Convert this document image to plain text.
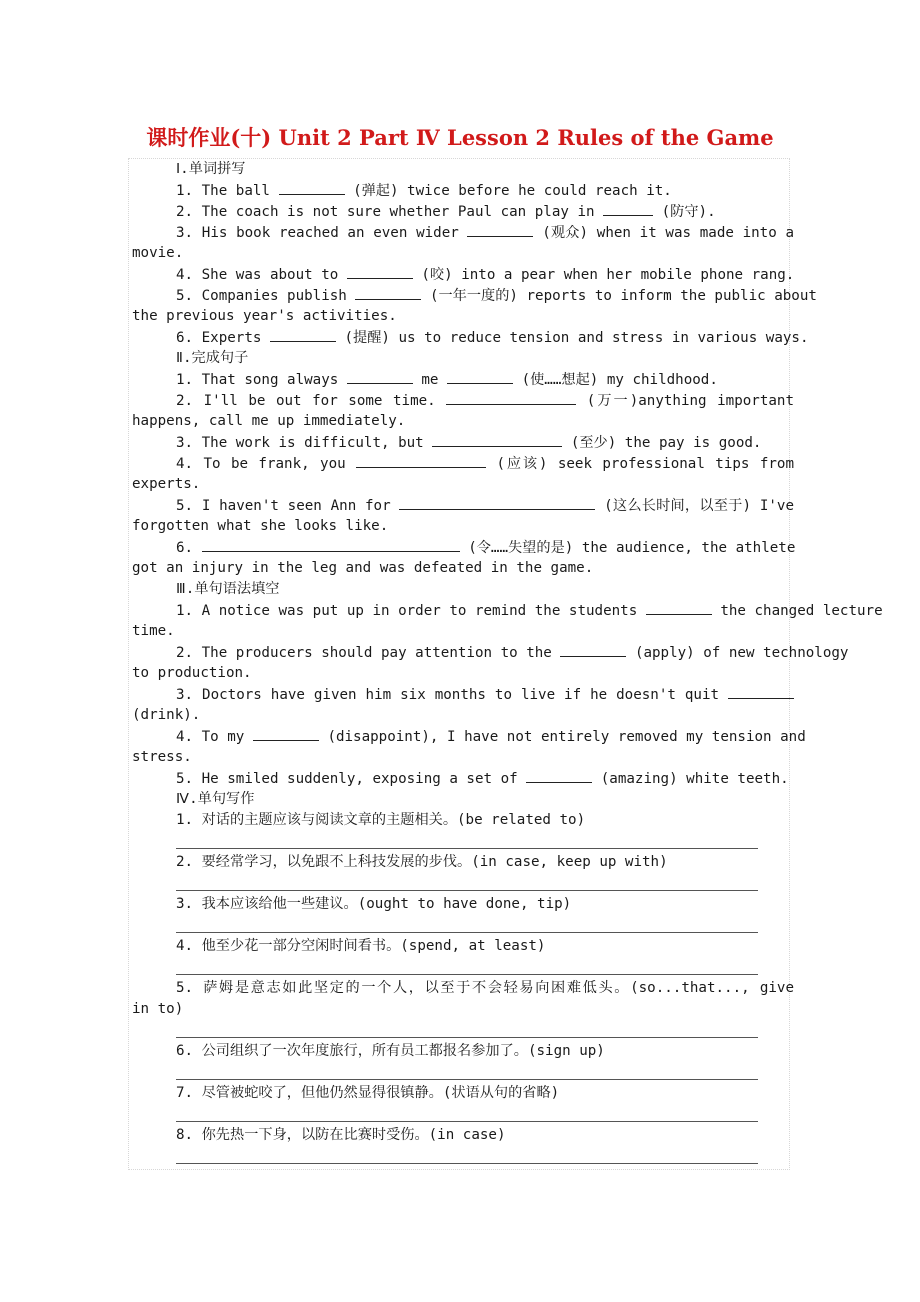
课时作业(十) Unit 2 Part Ⅳ Lesson 2 Rules of the Game
Ⅰ.单词拼写
1. The ball	(弹起) twice before he could reach it.
2. The coach is not sure whether Paul can play in	(防守).
3. His book reached an even wider	(观众) when it was made into a
movie.
4. She was about to	(咬) into a pear when her mobile phone rang.
5. Companies publish	(一年一度的) reports to inform the public about
the previous year's activities.
6. Experts	(提醒) us to reduce tension and stress in various ways.
Ⅱ.完成句子
1. That song always	me	(使……想起) my childhood.
2. I'll be out for some time.	(万一)anything important
happens, call me up immediately.
3. The work is difficult, but	(至少) the pay is good.
4. To be frank, you	(应该) seek professional tips from
experts.
5. I haven't seen Ann for	(这么长时间，以至于) I've
forgotten what she looks like.
6.	(令……失望的是) the audience, the athlete
got an injury in the leg and was defeated in the game.
Ⅲ.单句语法填空
1. A notice was put up in order to remind the students	the changed lecture
time.
2. The producers should pay attention to the	(apply) of new technology
to production.
3. Doctors have given him six months to live if he doesn't quit
(drink).
4. To my	(disappoint), I have not entirely removed my tension and
stress.
5. He smiled suddenly, exposing a set of	(amazing) white teeth.
Ⅳ.单句写作
1. 对话的主题应该与阅读文章的主题相关。(be related to)
2. 要经常学习，以免跟不上科技发展的步伐。(in case, keep up with)
3. 我本应该给他一些建议。(ought to have done, tip)
4. 他至少花一部分空闲时间看书。(spend, at least)
5. 萨姆是意志如此坚定的一个人，以至于不会轻易向困难低头。(so...that..., give
in to)
6. 公司组织了一次年度旅行，所有员工都报名参加了。(sign up)
7. 尽管被蛇咬了，但他仍然显得很镇静。(状语从句的省略)
8. 你先热一下身，以防在比赛时受伤。(in case)
